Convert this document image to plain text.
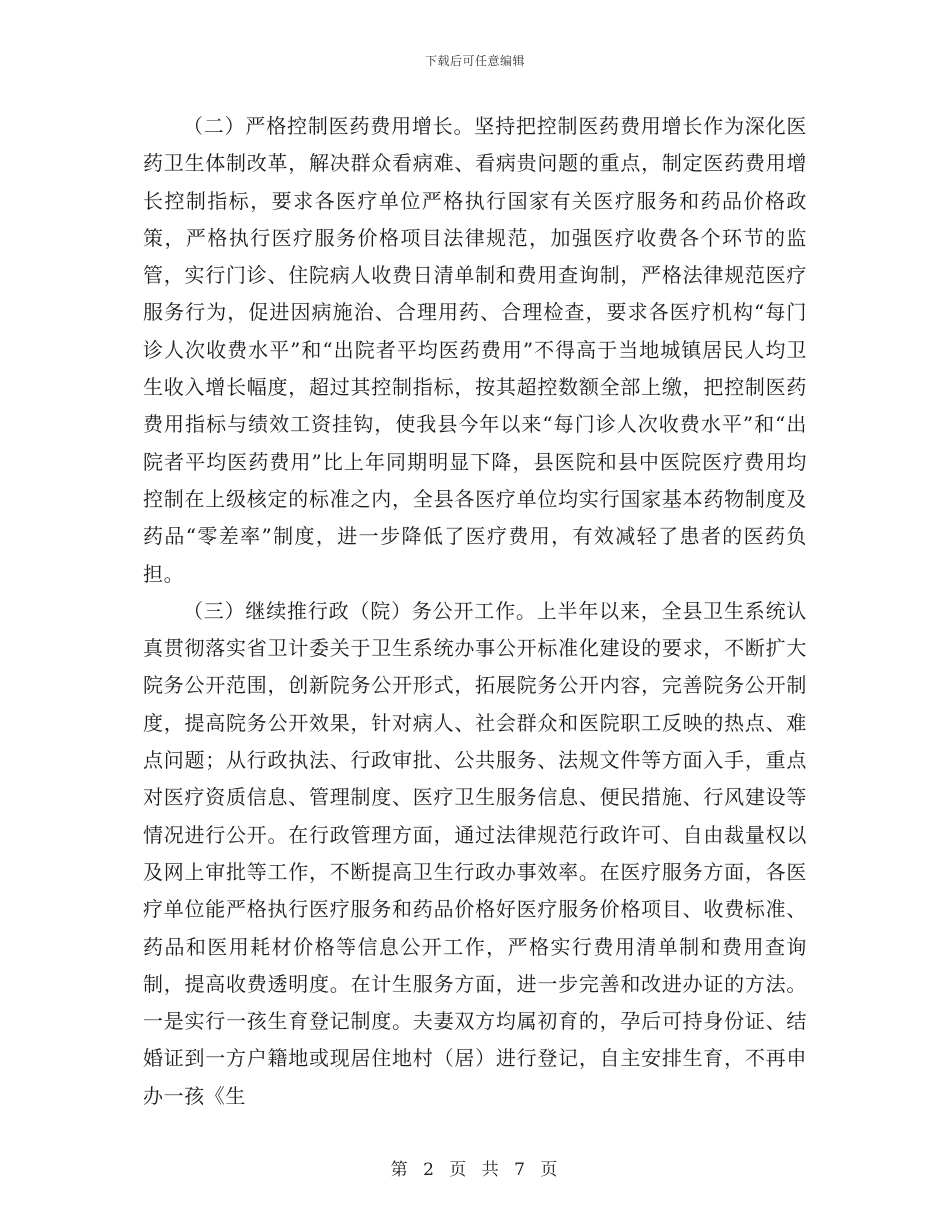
下载后可任意编辑

（二）严格控制医药费用增长。坚持把控制医药费用增长作为深化医药卫生体制改革，解决群众看病难、看病贵问题的重点，制定医药费用增长控制指标，要求各医疗单位严格执行国家有关医疗服务和药品价格政策，严格执行医疗服务价格项目法律规范，加强医疗收费各个环节的监管，实行门诊、住院病人收费日清单制和费用查询制，严格法律规范医疗服务行为，促进因病施治、合理用药、合理检查，要求各医疗机构“每门诊人次收费水平”和“出院者平均医药费用”不得高于当地城镇居民人均卫生收入增长幅度，超过其控制指标，按其超控数额全部上缴，把控制医药费用指标与绩效工资挂钩，使我县今年以来“每门诊人次收费水平”和“出院者平均医药费用”比上年同期明显下降，县医院和县中医院医疗费用均控制在上级核定的标准之内，全县各医疗单位均实行国家基本药物制度及药品“零差率”制度，进一步降低了医疗费用，有效减轻了患者的医药负担。

（三）继续推行政（院）务公开工作。上半年以来，全县卫生系统认真贯彻落实省卫计委关于卫生系统办事公开标准化建设的要求，不断扩大院务公开范围，创新院务公开形式，拓展院务公开内容，完善院务公开制度，提高院务公开效果，针对病人、社会群众和医院职工反映的热点、难点问题；从行政执法、行政审批、公共服务、法规文件等方面入手，重点对医疗资质信息、管理制度、医疗卫生服务信息、便民措施、行风建设等情况进行公开。在行政管理方面，通过法律规范行政许可、自由裁量权以及网上审批等工作，不断提高卫生行政办事效率。在医疗服务方面，各医疗单位能严格执行医疗服务和药品价格好医疗服务价格项目、收费标准、药品和医用耗材价格等信息公开工作，严格实行费用清单制和费用查询制，提高收费透明度。在计生服务方面，进一步完善和改进办证的方法。一是实行一孩生育登记制度。夫妻双方均属初育的，孕后可持身份证、结婚证到一方户籍地或现居住地村（居）进行登记，自主安排生育，不再申办一孩《生

第 2 页 共 7 页
